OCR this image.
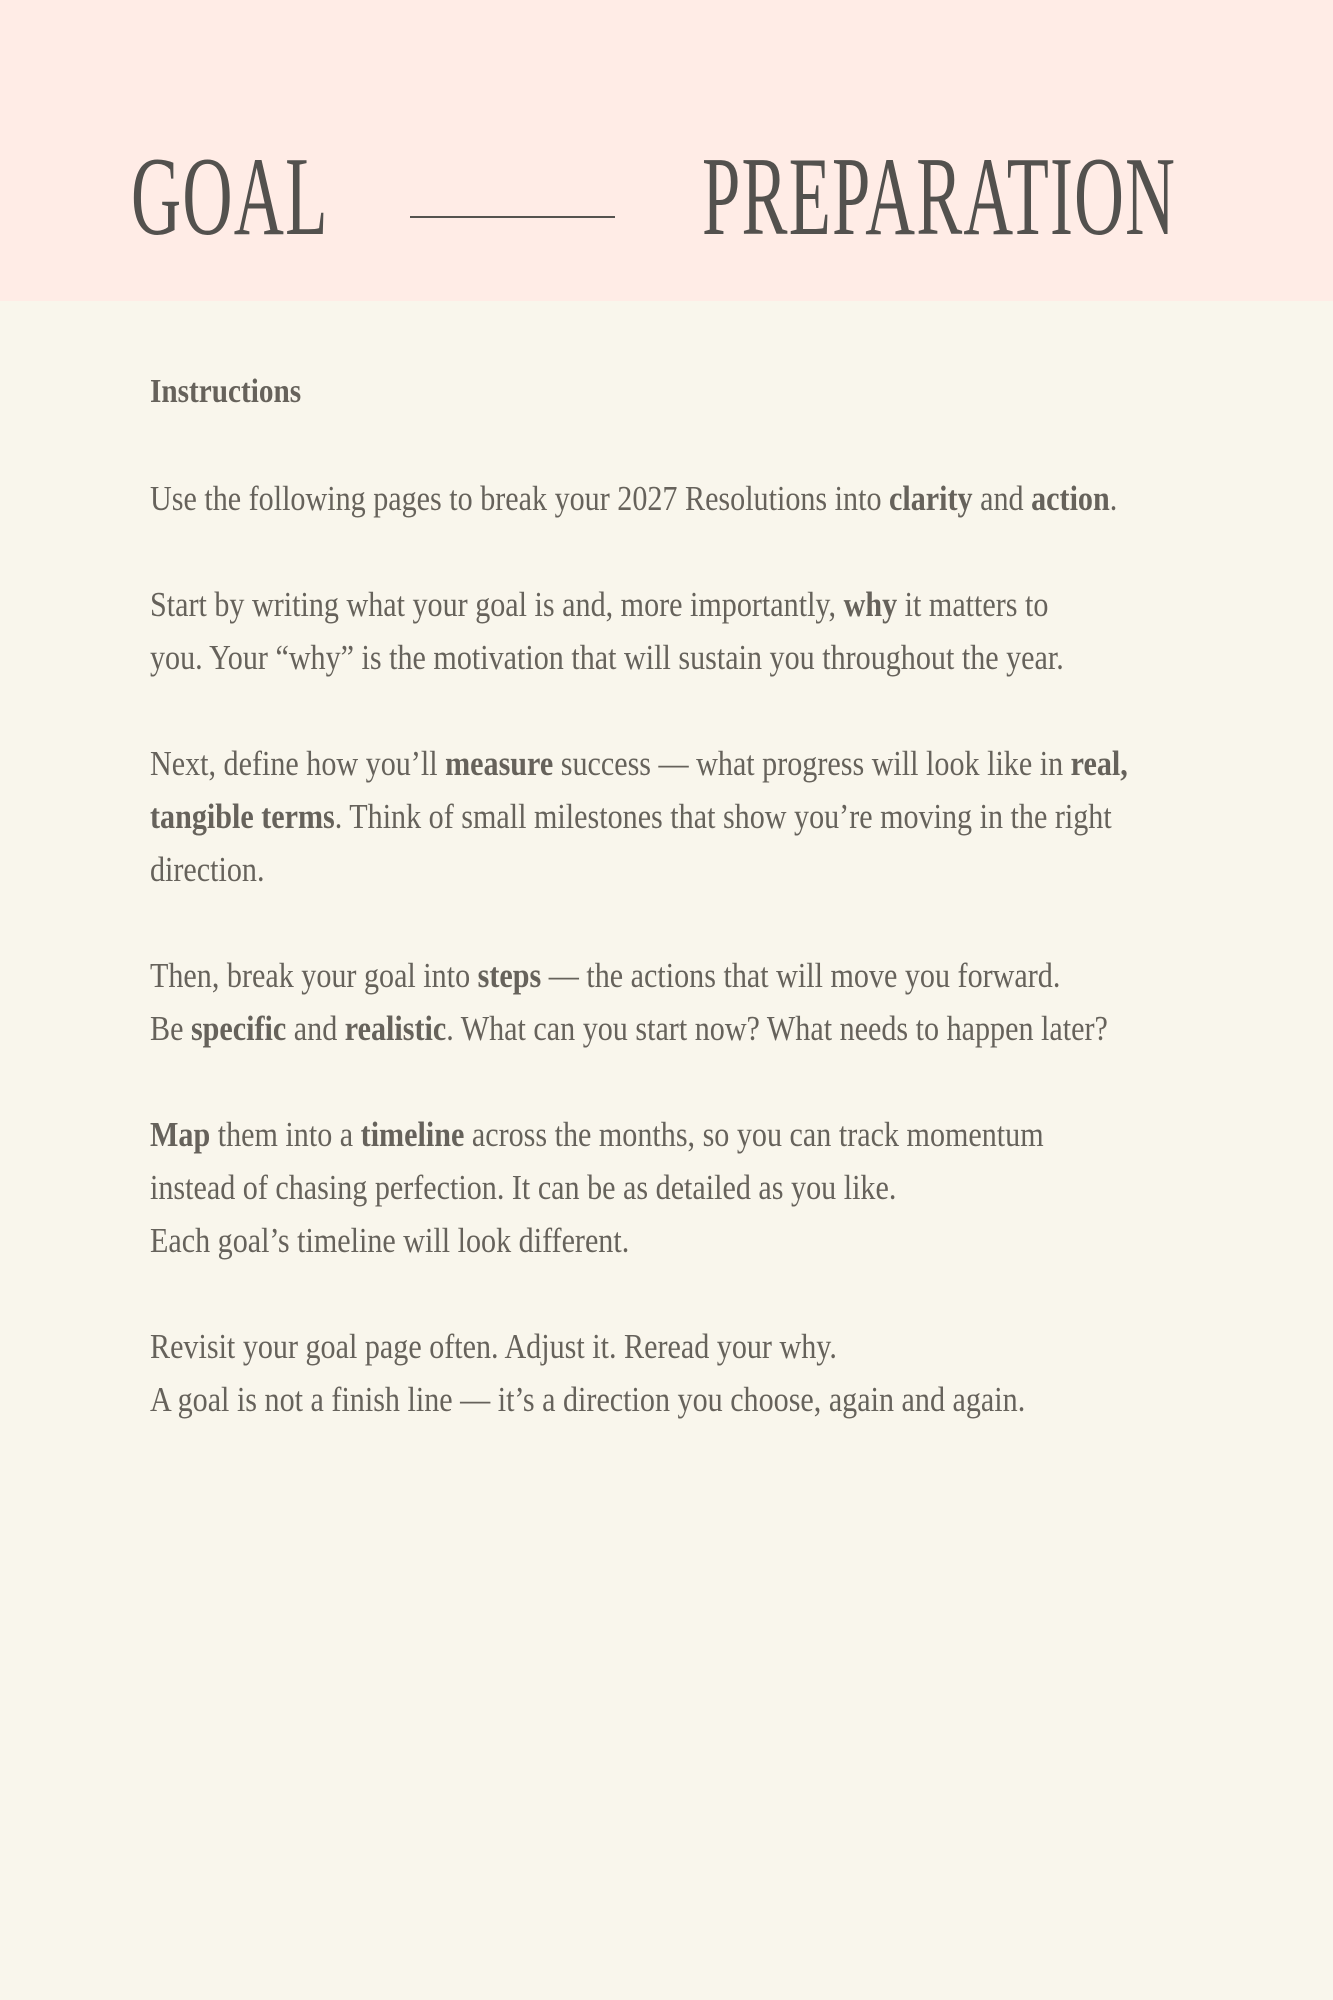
GOAL	PREPARATION
Instructions
Use the following pages to break your 2027 Resolutions into clarity and action.
Start by writing what your goal is and, more importantly, why it matters to
you. Your “why” is the motivation that will sustain you throughout the year.
Next, define how you’ll measure success — what progress will look like in real,
tangible terms. Think of small milestones that show you’re moving in the right
direction.
Then, break your goal into steps — the actions that will move you forward.
Be specific and realistic. What can you start now? What needs to happen later?
Map them into a timeline across the months, so you can track momentum
instead of chasing perfection. It can be as detailed as you like.
Each goal’s timeline will look different.
Revisit your goal page often. Adjust it. Reread your why.
A goal is not a finish line — it’s a direction you choose, again and again.
